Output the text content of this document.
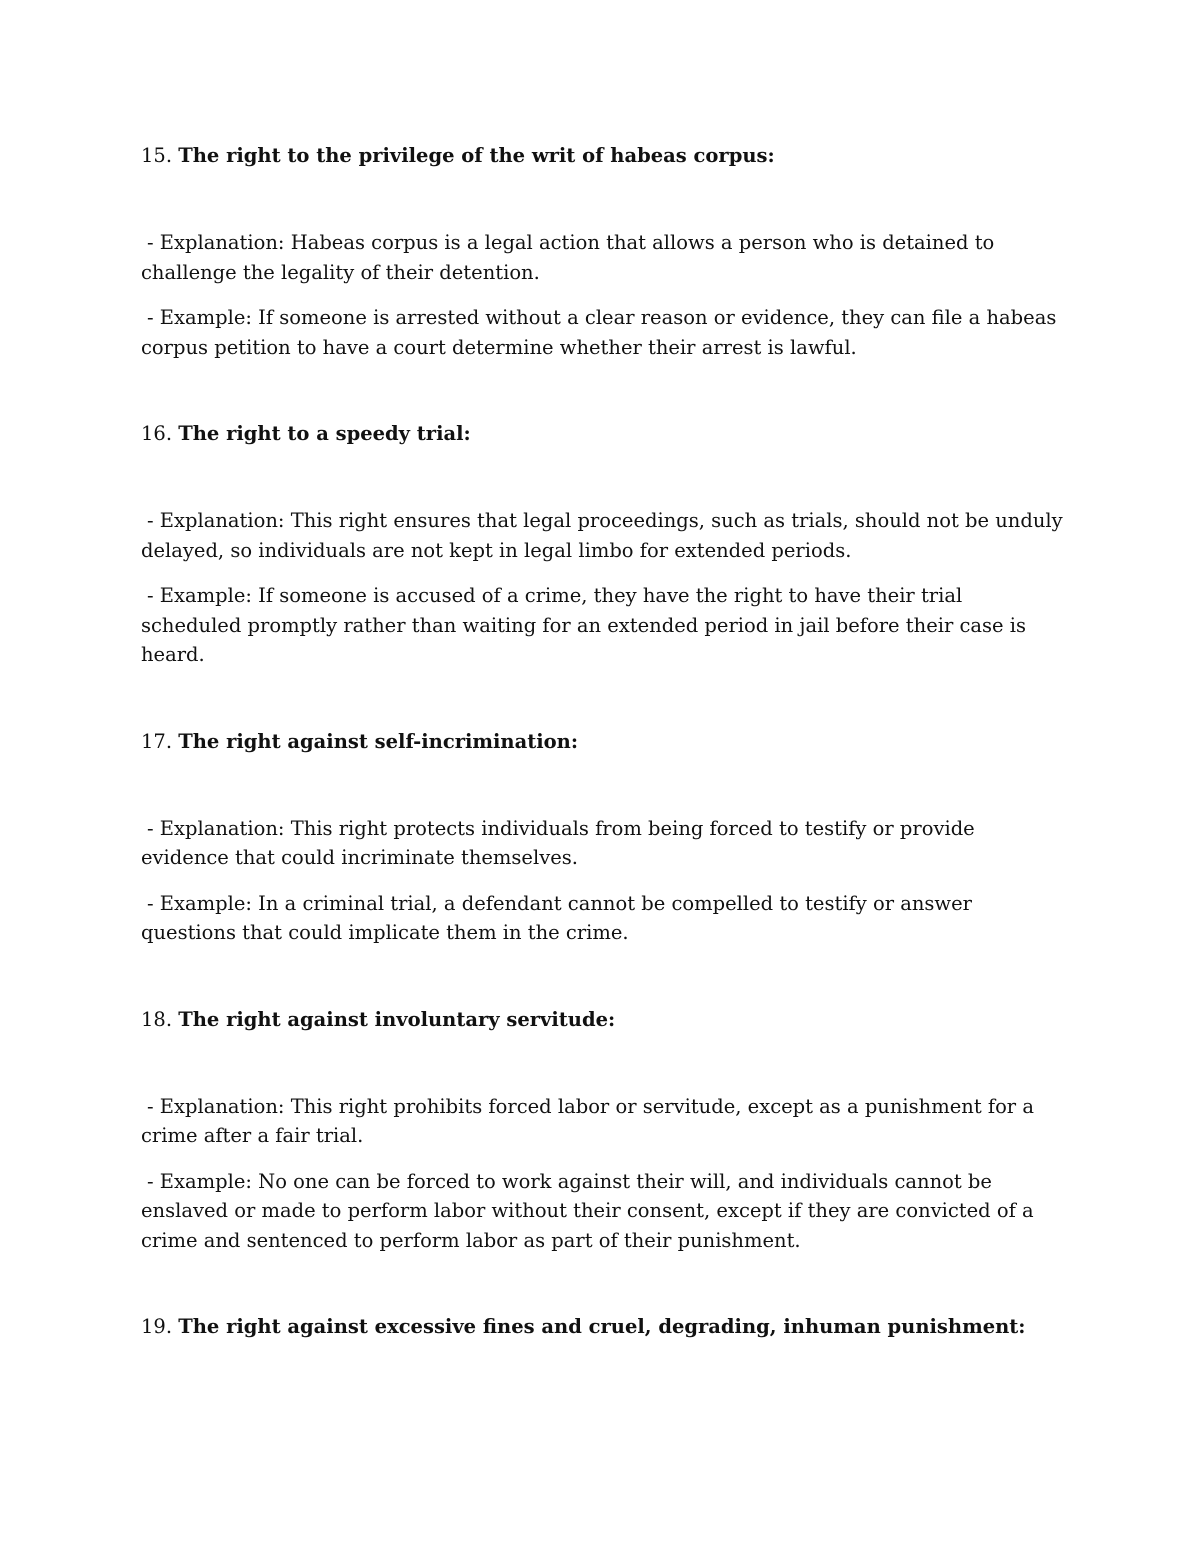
15. The right to the privilege of the writ of habeas corpus:

- Explanation: Habeas corpus is a legal action that allows a person who is detained to challenge the legality of their detention.

- Example: If someone is arrested without a clear reason or evidence, they can file a habeas corpus petition to have a court determine whether their arrest is lawful.

16. The right to a speedy trial:

- Explanation: This right ensures that legal proceedings, such as trials, should not be unduly delayed, so individuals are not kept in legal limbo for extended periods.

- Example: If someone is accused of a crime, they have the right to have their trial scheduled promptly rather than waiting for an extended period in jail before their case is heard.

17. The right against self-incrimination:

- Explanation: This right protects individuals from being forced to testify or provide evidence that could incriminate themselves.

- Example: In a criminal trial, a defendant cannot be compelled to testify or answer questions that could implicate them in the crime.

18. The right against involuntary servitude:

- Explanation: This right prohibits forced labor or servitude, except as a punishment for a crime after a fair trial.

- Example: No one can be forced to work against their will, and individuals cannot be enslaved or made to perform labor without their consent, except if they are convicted of a crime and sentenced to perform labor as part of their punishment.

19. The right against excessive fines and cruel, degrading, inhuman punishment:
